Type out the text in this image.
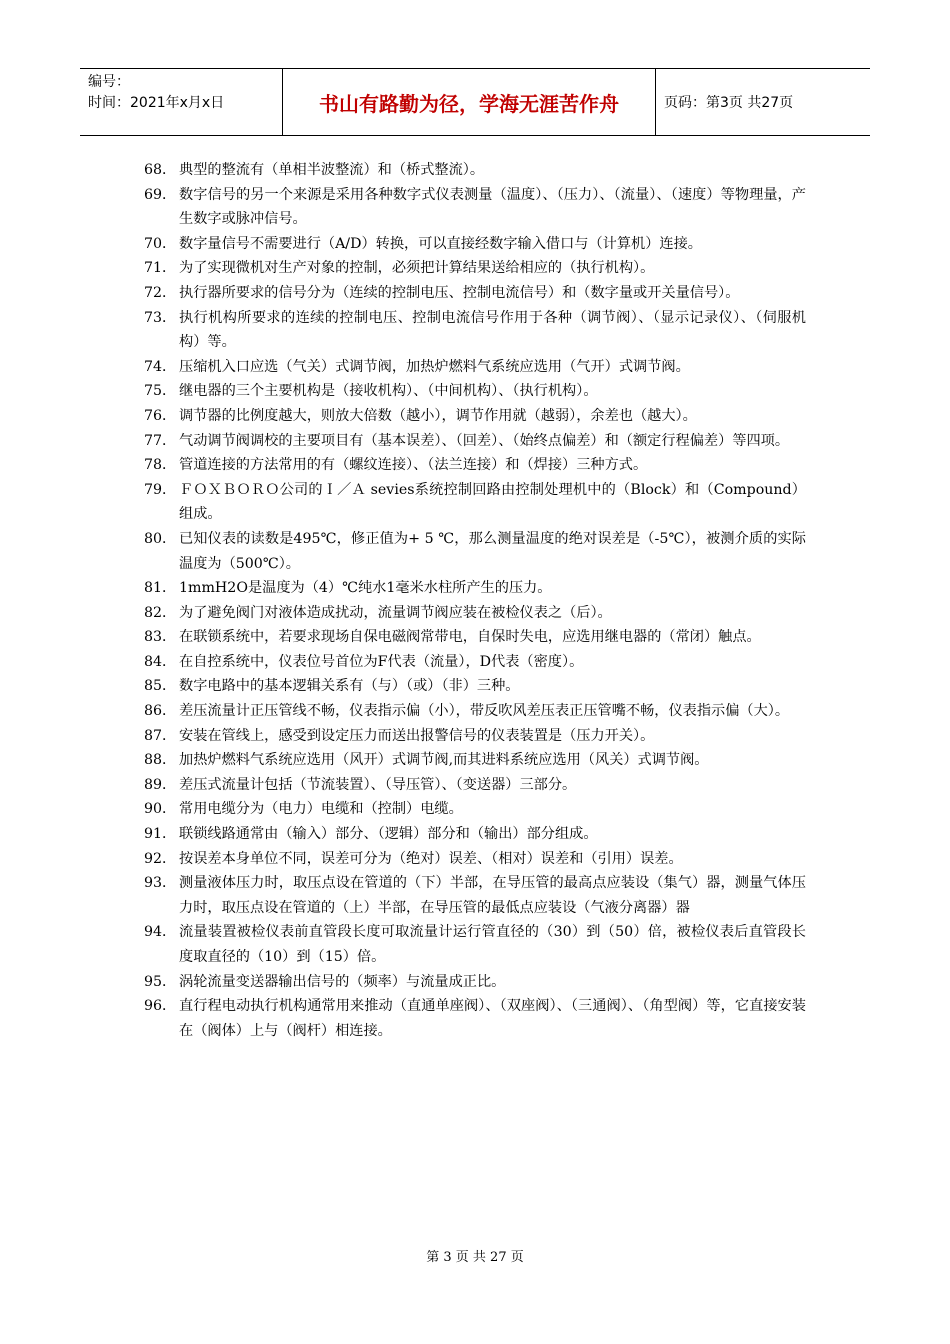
编号：
时间：2021年x月x日	书山有路勤为径，学海无涯苦作舟	页码：第3页 共27页
68． 典型的整流有（单相半波整流）和（桥式整流）。
69． 数字信号的另一个来源是采用各种数字式仪表测量（温度）、（压力）、（流量）、（速度）等物理量，产生数字或脉冲信号。
70． 数字量信号不需要进行（A/D）转换，可以直接经数字输入借口与（计算机）连接。
71． 为了实现微机对生产对象的控制，必须把计算结果送给相应的（执行机构）。
72． 执行器所要求的信号分为（连续的控制电压、控制电流信号）和（数字量或开关量信号）。
73． 执行机构所要求的连续的控制电压、控制电流信号作用于各种（调节阀）、（显示记录仪）、（伺服机构）等。
74． 压缩机入口应选（气关）式调节阀，加热炉燃料气系统应选用（气开）式调节阀。
75． 继电器的三个主要机构是（接收机构）、（中间机构）、（执行机构）。
76． 调节器的比例度越大，则放大倍数（越小），调节作用就（越弱），余差也（越大）。
77． 气动调节阀调校的主要项目有（基本误差）、（回差）、（始终点偏差）和（额定行程偏差）等四项。
78． 管道连接的方法常用的有（螺纹连接）、（法兰连接）和（焊接）三种方式。
79． ＦＯＸＢＯＲＯ公司的Ｉ／Ａ sevies系统控制回路由控制处理机中的（Block）和（Compound）组成。
80． 已知仪表的读数是495℃，修正值为+ 5 ℃，那么测量温度的绝对误差是（-5℃），被测介质的实际温度为（500℃）。
81． 1mmH2O是温度为（4）℃纯水1毫米水柱所产生的压力。
82． 为了避免阀门对液体造成扰动，流量调节阀应装在被检仪表之（后）。
83． 在联锁系统中，若要求现场自保电磁阀常带电，自保时失电，应选用继电器的（常闭）触点。
84． 在自控系统中，仪表位号首位为F代表（流量），D代表（密度）。
85． 数字电路中的基本逻辑关系有（与）（或）（非）三种。
86． 差压流量计正压管线不畅，仪表指示偏（小），带反吹风差压表正压管嘴不畅，仪表指示偏（大）。
87． 安装在管线上，感受到设定压力而送出报警信号的仪表装置是（压力开关）。
88． 加热炉燃料气系统应选用（风开）式调节阀,而其进料系统应选用（风关）式调节阀。
89． 差压式流量计包括（节流装置）、（导压管）、（变送器）三部分。
90． 常用电缆分为（电力）电缆和（控制）电缆。
91． 联锁线路通常由（输入）部分、（逻辑）部分和（输出）部分组成。
92． 按误差本身单位不同，误差可分为（绝对）误差、（相对）误差和（引用）误差。
93． 测量液体压力时，取压点设在管道的（下）半部，在导压管的最高点应装设（集气）器，测量气体压力时，取压点设在管道的（上）半部，在导压管的最低点应装设（气液分离器）器
94． 流量装置被检仪表前直管段长度可取流量计运行管直径的（30）到（50）倍，被检仪表后直管段长度取直径的（10）到（15）倍。
95． 涡轮流量变送器输出信号的（频率）与流量成正比。
96． 直行程电动执行机构通常用来推动（直通单座阀）、（双座阀）、（三通阀）、（角型阀）等，它直接安装在（阀体）上与（阀杆）相连接。
第 3 页 共 27 页
